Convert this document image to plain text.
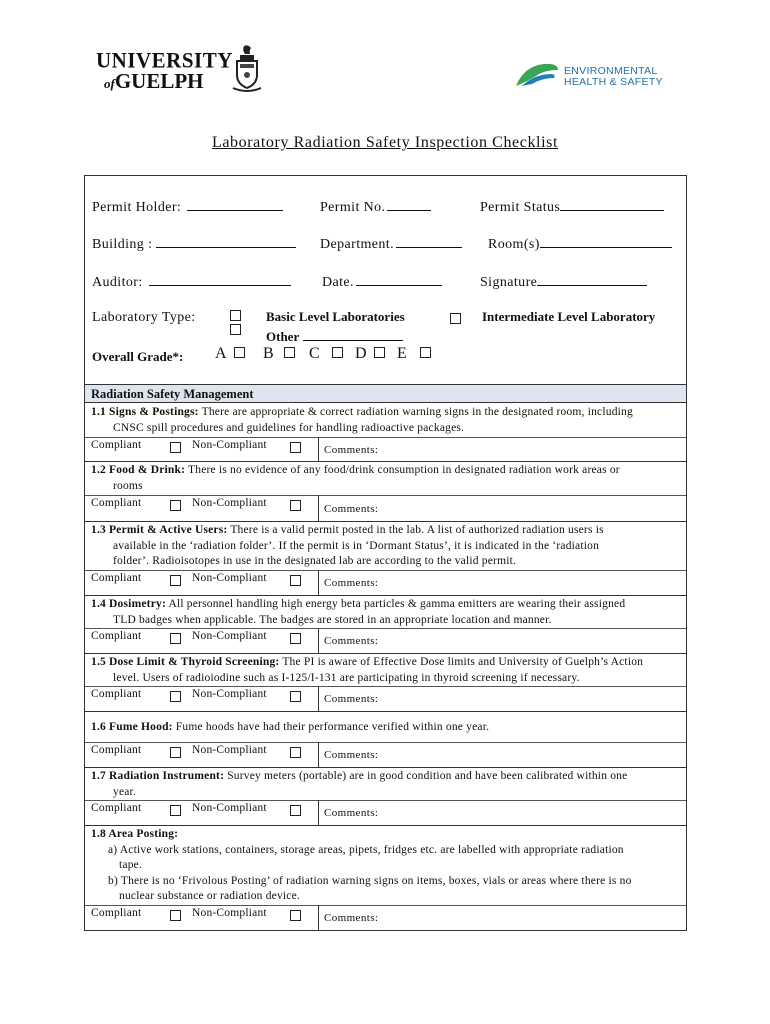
UNIVERSITY
ofGUELPH	ENVIRONMENTAL
HEALTH & SAFETY
Laboratory Radiation Safety Inspection Checklist
Permit Holder:	Permit No.	Permit Status
Building :	Department.	Room(s)
Auditor:	Date.	Signature
Laboratory Type:	Basic Level Laboratories
Other
Intermediate Level Laboratory
Overall Grade*: A B C D E
Radiation Safety Management
1.1 Signs & Postings: There are appropriate & correct radiation warning signs in the designated room, including
CNSC spill procedures and guidelines for handling radioactive packages.
Compliant	Non-Compliant	Comments:
1.2 Food & Drink: There is no evidence of any food/drink consumption in designated radiation work areas or
rooms
Compliant	Non-Compliant	Comments:
1.3 Permit & Active Users: There is a valid permit posted in the lab. A list of authorized radiation users is
available in the ‘radiation folder’. If the permit is in ‘Dormant Status’, it is indicated in the ‘radiation
folder’. Radioisotopes in use in the designated lab are according to the valid permit.
Compliant	Non-Compliant	Comments:
1.4 Dosimetry: All personnel handling high energy beta particles & gamma emitters are wearing their assigned
TLD badges when applicable. The badges are stored in an appropriate location and manner.
Compliant	Non-Compliant	Comments:
1.5 Dose Limit & Thyroid Screening: The PI is aware of Effective Dose limits and University of Guelph’s Action
level. Users of radioiodine such as I-125/I-131 are participating in thyroid screening if necessary.
Compliant	Non-Compliant	Comments:
1.6 Fume Hood: Fume hoods have had their performance verified within one year.
Compliant	Non-Compliant	Comments:
1.7 Radiation Instrument: Survey meters (portable) are in good condition and have been calibrated within one
year.
Compliant	Non-Compliant	Comments:
1.8 Area Posting:
a) Active work stations, containers, storage areas, pipets, fridges etc. are labelled with appropriate radiation
tape.
b) There is no ‘Frivolous Posting’ of radiation warning signs on items, boxes, vials or areas where there is no
nuclear substance or radiation device.
Compliant	Non-Compliant	Comments:
